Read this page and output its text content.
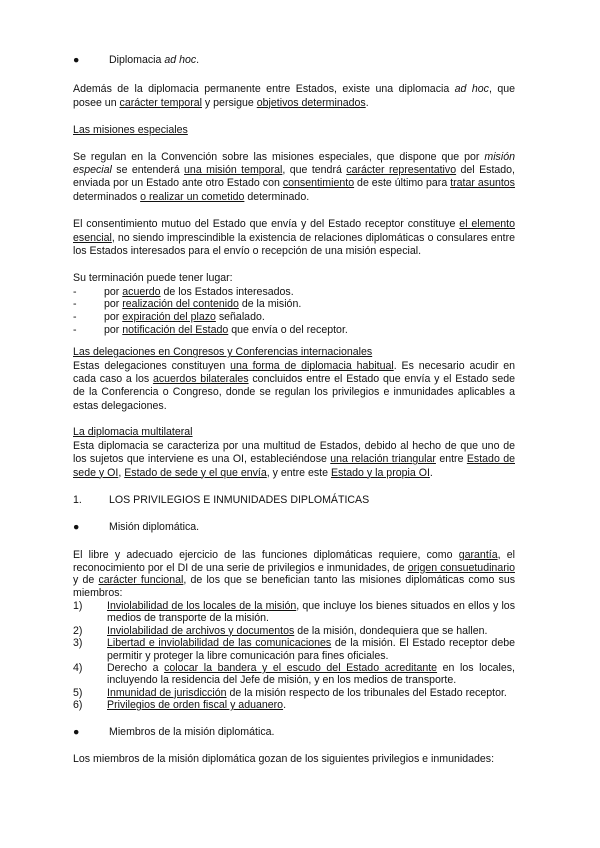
●	Diplomacia ad hoc.

Además de la diplomacia permanente entre Estados, existe una diplomacia ad hoc, que posee un carácter temporal y persigue objetivos determinados.

Las misiones especiales

Se regulan en la Convención sobre las misiones especiales, que dispone que por misión especial se entenderá una misión temporal, que tendrá carácter representativo del Estado, enviada por un Estado ante otro Estado con consentimiento de este último para tratar asuntos determinados o realizar un cometido determinado.

El consentimiento mutuo del Estado que envía y del Estado receptor constituye el elemento esencial, no siendo imprescindible la existencia de relaciones diplomáticas o consulares entre los Estados interesados para el envío o recepción de una misión especial.

Su terminación puede tener lugar:

-	por acuerdo de los Estados interesados.
-	por realización del contenido de la misión.
-	por expiración del plazo señalado.
-	por notificación del Estado que envía o del receptor.

Las delegaciones en Congresos y Conferencias internacionales

Estas delegaciones constituyen una forma de diplomacia habitual. Es necesario acudir en cada caso a los acuerdos bilaterales concluidos entre el Estado que envía y el Estado sede de la Conferencia o Congreso, donde se regulan los privilegios e inmunidades aplicables a estas delegaciones.

La diplomacia multilateral

Esta diplomacia se caracteriza por una multitud de Estados, debido al hecho de que uno de los sujetos que interviene es una OI, estableciéndose una relación triangular entre Estado de sede y OI, Estado de sede y el que envía, y entre este Estado y la propia OI.

1.	LOS PRIVILEGIOS E INMUNIDADES DIPLOMÁTICAS
●	Misión diplomática.

El libre y adecuado ejercicio de las funciones diplomáticas requiere, como garantía, el reconocimiento por el DI de una serie de privilegios e inmunidades, de origen consuetudinario y de carácter funcional, de los que se benefician tanto las misiones diplomáticas como sus miembros:

1) Inviolabilidad de los locales de la misión, que incluye los bienes situados en ellos y los medios de transporte de la misión.

2) Inviolabilidad de archivos y documentos de la misión, dondequiera que se hallen.

3) Libertad e inviolabilidad de las comunicaciones de la misión. El Estado receptor debe permitir y proteger la libre comunicación para fines oficiales.

4) Derecho a colocar la bandera y el escudo del Estado acreditante en los locales, incluyendo la residencia del Jefe de misión, y en los medios de transporte.

5) Inmunidad de jurisdicción de la misión respecto de los tribunales del Estado receptor.

6) Privilegios de orden fiscal y aduanero.

●	Miembros de la misión diplomática.

Los miembros de la misión diplomática gozan de los siguientes privilegios e inmunidades:
